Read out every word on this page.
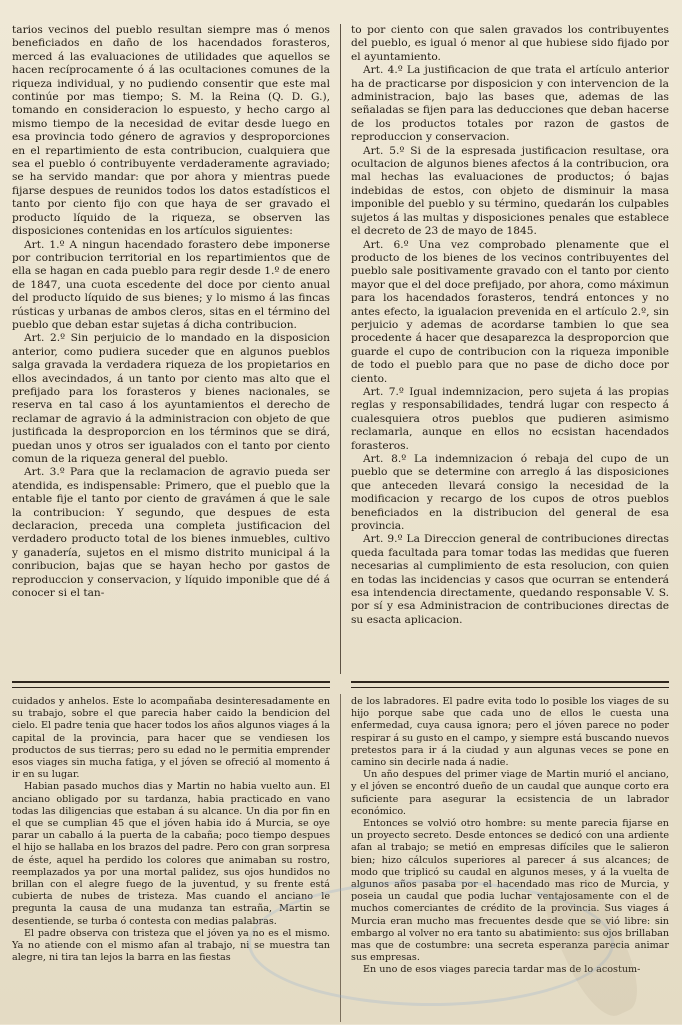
tarios vecinos del pueblo resultan siempre mas ó menos beneficiados en daño de los hacendados forasteros, merced á las evaluaciones de utilidades que aquellos se hacen recíprocamente ó á las ocultaciones comunes de la riqueza individual, y no pudiendo consentir que este mal continúe por mas tiempo; S. M. la Reina (Q. D. G.), tomando en consideracion lo espuesto, y hecho cargo al mismo tiempo de la necesidad de evitar desde luego en esa provincia todo género de agravios y desproporciones en el repartimiento de esta contribucion, cualquiera que sea el pueblo ó contribuyente verdaderamente agraviado; se ha servido mandar: que por ahora y mientras puede fijarse despues de reunidos todos los datos estadísticos el tanto por ciento fijo con que haya de ser gravado el producto líquido de la riqueza, se observen las disposiciones contenidas en los artículos siguientes:

Art. 1.º A ningun hacendado forastero debe imponerse por contribucion territorial en los repartimientos que de ella se hagan en cada pueblo para regir desde 1.º de enero de 1847, una cuota escedente del doce por ciento anual del producto líquido de sus bienes; y lo mismo á las fincas rústicas y urbanas de ambos cleros, sitas en el término del pueblo que deban estar sujetas á dicha contribucion.

Art. 2.º Sin perjuicio de lo mandado en la disposicion anterior, como pudiera suceder que en algunos pueblos salga gravada la verdadera riqueza de los propietarios en ellos avecindados, á un tanto por ciento mas alto que el prefijado para los forasteros y bienes nacionales, se reserva en tal caso á los ayuntamientos el derecho de reclamar de agravio á la administracion con objeto de que justificada la desproporcion en los términos que se dirá, puedan unos y otros ser igualados con el tanto por ciento comun de la riqueza general del pueblo.

Art. 3.º Para que la reclamacion de agravio pueda ser atendida, es indispensable: Primero, que el pueblo que la entable fije el tanto por ciento de gravámen á que le sale la contribucion: Y segundo, que despues de esta declaracion, preceda una completa justificacion del verdadero producto total de los bienes inmuebles, cultivo y ganadería, sujetos en el mismo distrito municipal á la conribucion, bajas que se hayan hecho por gastos de reproduccion y conservacion, y líquido imponible que dé á conocer si el tan-

to por ciento con que salen gravados los contribuyentes del pueblo, es igual ó menor al que hubiese sido fijado por el ayuntamiento.

Art. 4.º La justificacion de que trata el artículo anterior ha de practicarse por disposicion y con intervencion de la administracion, bajo las bases que, ademas de las señaladas se fijen para las deducciones que deban hacerse de los productos totales por razon de gastos de reproduccion y conservacion.

Art. 5.º Si de la espresada justificacion resultase, ora ocultacion de algunos bienes afectos á la contribucion, ora mal hechas las evaluaciones de productos; ó bajas indebidas de estos, con objeto de disminuir la masa imponible del pueblo y su término, quedarán los culpables sujetos á las multas y disposiciones penales que establece el decreto de 23 de mayo de 1845.

Art. 6.º Una vez comprobado plenamente que el producto de los bienes de los vecinos contribuyentes del pueblo sale positivamente gravado con el tanto por ciento mayor que el del doce prefijado, por ahora, como máximun para los hacendados forasteros, tendrá entonces y no antes efecto, la igualacion prevenida en el artículo 2.º, sin perjuicio y ademas de acordarse tambien lo que sea procedente á hacer que desaparezca la desproporcion que guarde el cupo de contribucion con la riqueza imponible de todo el pueblo para que no pase de dicho doce por ciento.

Art. 7.º Igual indemnizacion, pero sujeta á las propias reglas y responsabilidades, tendrá lugar con respecto á cualesquiera otros pueblos que pudieren asimismo reclamarla, aunque en ellos no ecsistan hacendados forasteros.

Art. 8.º La indemnizacion ó rebaja del cupo de un pueblo que se determine con arreglo á las disposiciones que anteceden llevará consigo la necesidad de la modificacion y recargo de los cupos de otros pueblos beneficiados en la distribucion del general de esa provincia.

Art. 9.º La Direccion general de contribuciones directas queda facultada para tomar todas las medidas que fueren necesarias al cumplimiento de esta resolucion, con quien en todas las incidencias y casos que ocurran se entenderá esa intendencia directamente, quedando responsable V. S. por sí y esa Administracion de contribuciones directas de su esacta aplicacion.

cuidados y anhelos. Este lo acompañaba desinteresadamente en su trabajo, sobre el que parecia haber caido la bendicion del cielo. El padre tenia que hacer todos los años algunos viages á la capital de la provincia, para hacer que se vendiesen los productos de sus tierras; pero su edad no le permitia emprender esos viages sin mucha fatiga, y el jóven se ofreció al momento á ir en su lugar.

Habian pasado muchos dias y Martin no habia vuelto aun. El anciano obligado por su tardanza, habia practicado en vano todas las diligencias que estaban á su alcance. Un dia por fin en el que se cumplian 45 que el jóven habia ido á Murcia, se oye parar un caballo á la puerta de la cabaña; poco tiempo despues el hijo se hallaba en los brazos del padre. Pero con gran sorpresa de éste, aquel ha perdido los colores que animaban su rostro, reemplazados ya por una mortal palidez, sus ojos hundidos no brillan con el alegre fuego de la juventud, y su frente está cubierta de nubes de tristeza. Mas cuando el anciano le pregunta la causa de una mudanza tan estraña, Martin se desentiende, se turba ó contesta con medias palabras.

El padre observa con tristeza que el jóven ya no es el mismo. Ya no atiende con el mismo afan al trabajo, ni se muestra tan alegre, ni tira tan lejos la barra en las fiestas

de los labradores. El padre evita todo lo posible los viages de su hijo porque sabe que cada uno de ellos le cuesta una enfermedad, cuya causa ignora; pero el jóven parece no poder respirar á su gusto en el campo, y siempre está buscando nuevos pretestos para ir á la ciudad y aun algunas veces se pone en camino sin decirle nada á nadie.

Un año despues del primer viage de Martin murió el anciano, y el jóven se encontró dueño de un caudal que aunque corto era suficiente para asegurar la ecsistencia de un labrador económico.

Entonces se volvió otro hombre: su mente parecia fijarse en un proyecto secreto. Desde entonces se dedicó con una ardiente afan al trabajo; se metió en empresas difíciles que le salieron bien; hizo cálculos superiores al parecer á sus alcances; de modo que triplicó su caudal en algunos meses, y á la vuelta de algunos años pasaba por el hacendado mas rico de Murcia, y poseia un caudal que podia luchar ventajosamente con el de muchos comerciantes de crédito de la provincia. Sus viages á Murcia eran mucho mas frecuentes desde que se vió libre: sin embargo al volver no era tanto su abatimiento: sus ojos brillaban mas que de costumbre: una secreta esperanza parecia animar sus empresas.

En uno de esos viages parecia tardar mas de lo acostum-
